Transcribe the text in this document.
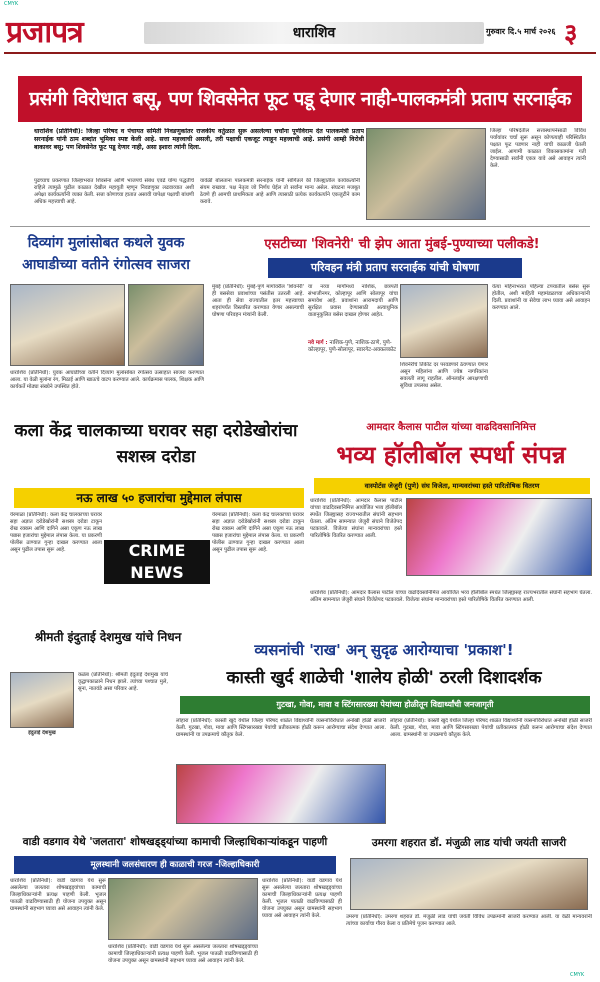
CMYK
CMYK
प्रजापत्र	धाराशिव	गुरुवार दि.५ मार्च २०२६ ३
प्रसंगी विरोधात बसू, पण शिवसेनेत फूट पडू देणार नाही-पालकमंत्री प्रताप सरनाईक
धाराशिव (प्रतिनिधी): जिल्हा परिषद व पंचायत समिती निवडणुकांतर राजकीय वर्तुळात सुरू असलेल्या चर्चांना पूर्णविराम देत पालकमंत्री प्रताप सरनाईक यांनी ठाम शब्दांत भूमिका स्पष्ट केली आहे. सत्ता महत्त्वाची असली, तरी पक्षाची एकजूट त्याहून महत्त्वाची आहे. प्रसंगी आम्ही विरोधी बाकावर बसू; पण शिवसेनेत फूट पडू देणार नाही, असा इशारा त्यांनी दिला.
पुढच्याच प्रकरणात जिल्हाभरात शिवसेना आणि भाजपचे संबंध एवढे योग्य पद्धतीचे राहिले त्यामुळे पुढील काळात देखील महायुती म्हणून निवडणुका लढवाव्यात अशी अपेक्षा कार्यकर्त्यांनी व्यक्त केली. सत्ता कोणाच्या हातात असावी यापेक्षा पक्षाची बांधणी अधिक महत्त्वाची आहे.
यावेळी बोलताना पालकमंत्री सरनाईक यांनी सांगितले की जिल्ह्यातील कार्यकर्त्यांनी संयम राखावा. पक्ष नेतृत्व जो निर्णय घेईल तो सर्वांना मान्य असेल. संघटना मजबूत ठेवणे ही आमची प्राथमिकता आहे आणि त्यासाठी प्रत्येक कार्यकर्त्याने एकजुटीने काम करावे.
जिल्हा परिषदेतील सत्तास्थापनेसाठी विविध पर्यायांवर चर्चा सुरू असून कोणत्याही परिस्थितीत पक्षात फूट पडणार नाही याची काळजी घेतली जाईल. आगामी काळात विकासकामांना गती देण्यासाठी सर्वांनी एकत्र यावे असे आवाहन त्यांनी केले.
दिव्यांग मुलांसोबत कथले युवक आघाडीच्या वतीने रंगोत्सव साजरा
धाराशिव (प्रतिनिधी): युवक आघाडीच्या वतीने दिव्यांग मुलांसोबत रंगोत्सव उत्साहात साजरा करण्यात आला. या वेळी मुलांना रंग, मिठाई आणि खाऊचे वाटप करण्यात आले. कार्यक्रमास पालक, शिक्षक आणि कार्यकर्ते मोठ्या संख्येने उपस्थित होते.
एसटीच्या 'शिवनेरी' ची झेप आता मुंबई-पुण्याच्या पलीकडे!
परिवहन मंत्री प्रताप सरनाईक यांची घोषणा
मुंबई (प्रतिनिधी): मुंबई-पुणे मार्गावरील 'शिवनेरी' ही बससेवा प्रवाशांच्या पसंतीस उतरली आहे. आता ही सेवा राज्यातील इतर महत्त्वाच्या शहरांपर्यंत विस्तारित करण्यात येणार असल्याची घोषणा परिवहन मंत्र्यांनी केली.
या नव्या मार्गांमध्ये नाशिक, छत्रपती संभाजीनगर, कोल्हापूर आणि सोलापूर यांचा समावेश आहे. प्रवाशांना आरामदायी आणि सुरक्षित प्रवास देण्यासाठी अत्याधुनिक वातानुकूलित बसेस दाखल होणार आहेत.
नवे मार्ग : नाशिक-पुणे, नाशिक-ठाणे, पुणे-कोल्हापूर, पुणे-सोलापूर, स्वारगेट-अक्कलकोट
शिवनेरीचे तिकीट दर परवडणारे ठेवण्यात येणार असून महिलांना आणि ज्येष्ठ नागरिकांना सवलती लागू राहतील. ऑनलाईन आरक्षणाची सुविधा उपलब्ध असेल.
येत्या महिनाभरात पहिल्या टप्प्यातील बसेस सुरू होतील, अशी माहिती महामंडळाच्या अधिकाऱ्यांनी दिली. प्रवाशांनी या सेवेचा लाभ घ्यावा असे आवाहन करण्यात आले.
कला केंद्र चालकाच्या घरावर सहा दरोडेखोरांचा सशस्त्र दरोडा
नऊ लाख ५० हजारांचा मुद्देमाल लंपास
येरमाळा (प्रतिनिधी): कला केंद्र चालकाच्या घरावर सहा अज्ञात दरोडेखोरांनी सशस्त्र दरोडा टाकून रोख रक्कम आणि दागिने असा एकूण नऊ लाख पन्नास हजारांचा मुद्देमाल लंपास केला. या प्रकरणी पोलीस ठाण्यात गुन्हा दाखल करण्यात आला असून पुढील तपास सुरू आहे.	CRIME NEWS
येरमाळा (प्रतिनिधी): कला केंद्र चालकाच्या घरावर सहा अज्ञात दरोडेखोरांनी सशस्त्र दरोडा टाकून रोख रक्कम आणि दागिने असा एकूण नऊ लाख पन्नास हजारांचा मुद्देमाल लंपास केला. या प्रकरणी पोलीस ठाण्यात गुन्हा दाखल करण्यात आला असून पुढील तपास सुरू आहे.
आमदार कैलास पाटील यांच्या वाढदिवसानिमित्त
भव्य हॉलीबॉल स्पर्धा संपन्न
वास्पोर्टस जेजुरी (पुणे) संघ विजेता, मान्यवरांच्या हस्ते पारितोषिक वितरण
धाराशिव (प्रतिनिधी): आमदार कैलास पाटील यांच्या वाढदिवसानिमित्त आयोजित भव्य हॉलीबॉल स्पर्धेत जिल्ह्यासह राज्यभरातील संघांनी सहभाग घेतला. अंतिम सामन्यात जेजुरी संघाने विजेतेपद पटकावले. विजेत्या संघांना मान्यवरांच्या हस्ते पारितोषिके वितरित करण्यात आली.
धाराशिव (प्रतिनिधी): आमदार कैलास पाटील यांच्या वाढदिवसानिमित्त आयोजित भव्य हॉलीबॉल स्पर्धेत जिल्ह्यासह राज्यभरातील संघांनी सहभाग घेतला. अंतिम सामन्यात जेजुरी संघाने विजेतेपद पटकावले. विजेत्या संघांना मान्यवरांच्या हस्ते पारितोषिके वितरित करण्यात आली.
श्रीमती इंदुताई देशमुख यांचे निधन
इंदुताई देशमुख
कळंब (प्रतिनिधी): श्रीमती इंदुताई देशमुख यांचे वृद्धापकाळाने निधन झाले. त्यांच्या पश्चात मुले, सुना, नातवंडे असा परिवार आहे.
व्यसनांची 'राख' अन् सुदृढ आरोग्याचा 'प्रकाश'!
कास्ती खुर्द शाळेची 'शालेय होळी' ठरली दिशादर्शक
गुटखा, गोवा, मावा व स्टिंगसारख्या पेयांच्या होळीतून विद्यार्थ्यांची जनजागृती
लोहारा (प्रतिनिधी): कास्ती खुर्द येथील जिल्हा परिषद शाळेत विद्यार्थ्यांनी व्यसनांविरोधात अनोखी होळी साजरी केली. गुटखा, गोवा, मावा आणि स्टिंगसारख्या पेयांची प्रतीकात्मक होळी करून आरोग्याचा संदेश देण्यात आला. ग्रामस्थांनी या उपक्रमाचे कौतुक केले.
लोहारा (प्रतिनिधी): कास्ती खुर्द येथील जिल्हा परिषद शाळेत विद्यार्थ्यांनी व्यसनांविरोधात अनोखी होळी साजरी केली. गुटखा, गोवा, मावा आणि स्टिंगसारख्या पेयांची प्रतीकात्मक होळी करून आरोग्याचा संदेश देण्यात आला. ग्रामस्थांनी या उपक्रमाचे कौतुक केले.
वाडी वडगाव येथे 'जलतारा' शोषखड्ड्यांच्या कामाची जिल्हाधिकाऱ्यांकडून पाहणी
मूलस्थानी जलसंधारण ही काळाची गरज -जिल्हाधिकारी
धाराशिव (प्रतिनिधी): वाडी वडगाव येथे सुरू असलेल्या जलतारा शोषखड्ड्यांच्या कामाची जिल्हाधिकाऱ्यांनी प्रत्यक्ष पाहणी केली. भूजल पातळी वाढविण्यासाठी ही योजना उपयुक्त असून ग्रामस्थांनी सहभाग घ्यावा असे आवाहन त्यांनी केले.
धाराशिव (प्रतिनिधी): वाडी वडगाव येथे सुरू असलेल्या जलतारा शोषखड्ड्यांच्या कामाची जिल्हाधिकाऱ्यांनी प्रत्यक्ष पाहणी केली. भूजल पातळी वाढविण्यासाठी ही योजना उपयुक्त असून ग्रामस्थांनी सहभाग घ्यावा असे आवाहन त्यांनी केले.
धाराशिव (प्रतिनिधी): वाडी वडगाव येथे सुरू असलेल्या जलतारा शोषखड्ड्यांच्या कामाची जिल्हाधिकाऱ्यांनी प्रत्यक्ष पाहणी केली. भूजल पातळी वाढविण्यासाठी ही योजना उपयुक्त असून ग्रामस्थांनी सहभाग घ्यावा असे आवाहन त्यांनी केले.
उमरगा शहरात डॉ. मंजुळी लाड यांची जयंती साजरी
उमरगा (प्रतिनिधी): उमरगा शहरात डॉ. मंजुळी लाड यांची जयंती विविध उपक्रमांनी साजरी करण्यात आली. या वेळी मान्यवरांनी त्यांच्या कार्याचा गौरव केला व प्रतिमेचे पूजन करण्यात आले.
